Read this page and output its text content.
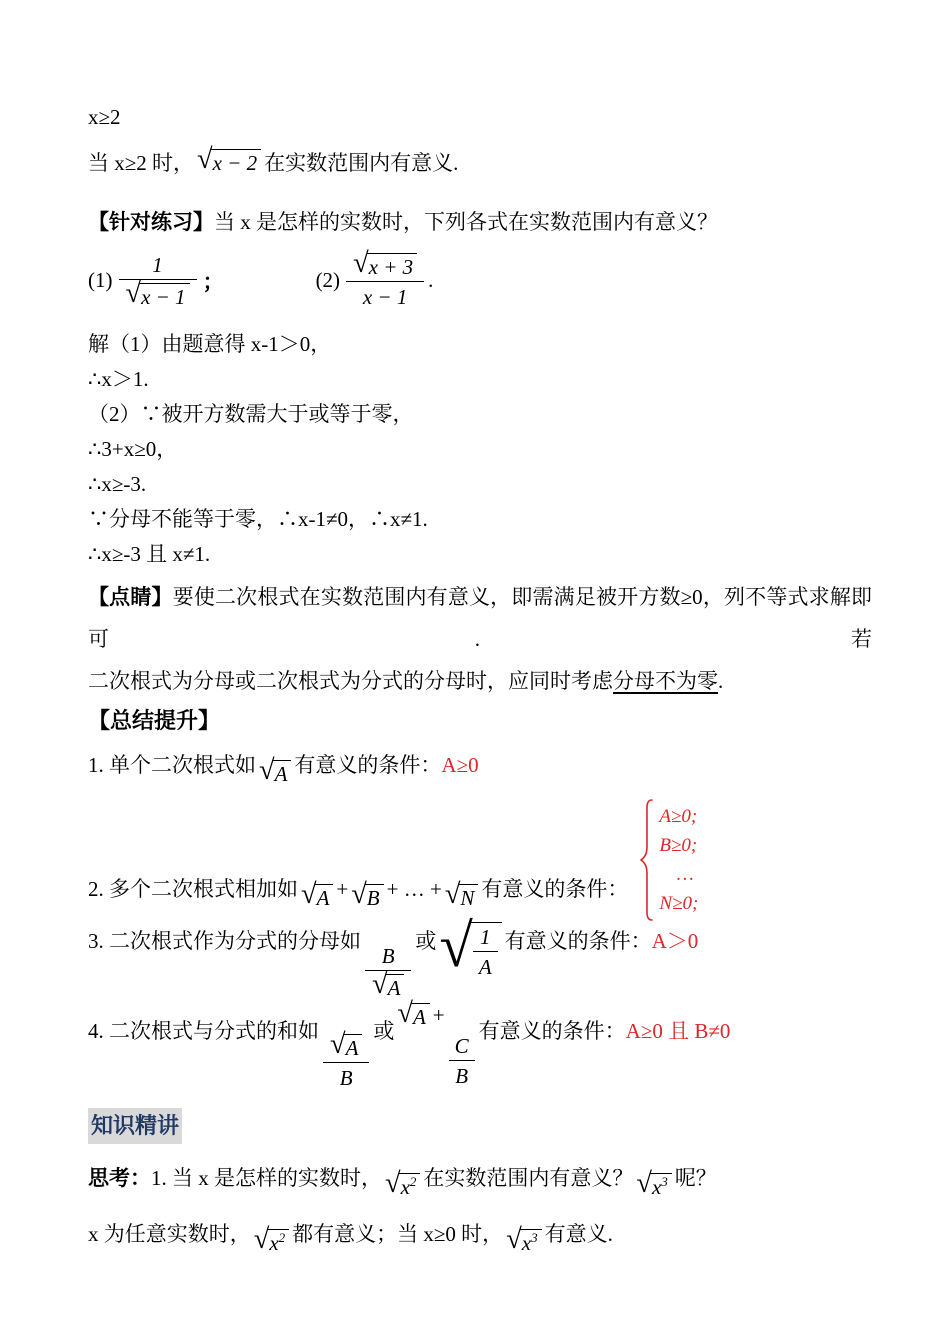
x≥2

当 x≥2 时， √ x − 2 在实数范围内有意义.

【针对练习】当 x 是怎样的实数时，下列各式在实数范围内有意义？

$(1) \frac{1}{√ x - 1}$ ；	$(2) \frac{√ x + 3}{x - 1}$ .

解（1）由题意得 x-1＞0，

∴x＞1.

（2）∵被开方数需大于或等于零，

∴3+x≥0，

∴x≥-3.

∵分母不能等于零，∴x-1≠0，∴x≠1.

∴x≥-3 且 x≠1.

【点睛】要使二次根式在实数范围内有意义，即需满足被开方数≥0，列不等式求解即可. 若
二次根式为分母或二次根式为分式的分母时，应同时考虑分母不为零.

【总结提升】

1. 单个二次根式如 √ A 有意义的条件：A≥0
2. 多个二次根式相加如 √ A + √ B + … + √ N 有意义的条件：
A≥0;
B≥0;
…
N≥0;
3. 二次根式作为分式的分母如
$\frac{B}{√ A}$
或 √ $\frac{1}{A}$ 有意义的条件：A＞0
4. 二次根式与分式的和如
$\frac{√ A}{B}$
或
√ A +
$\frac{C}{B}$
有意义的条件：A≥0 且 B≠0
知识精讲
思考：1. 当 x 是怎样的实数时， √ $x^2$ 在实数范围内有意义？ √ $x^3$ 呢？
x 为任意实数时， √ $x^2$ 都有意义；当 x≥0 时， √ $x^3$ 有意义.
